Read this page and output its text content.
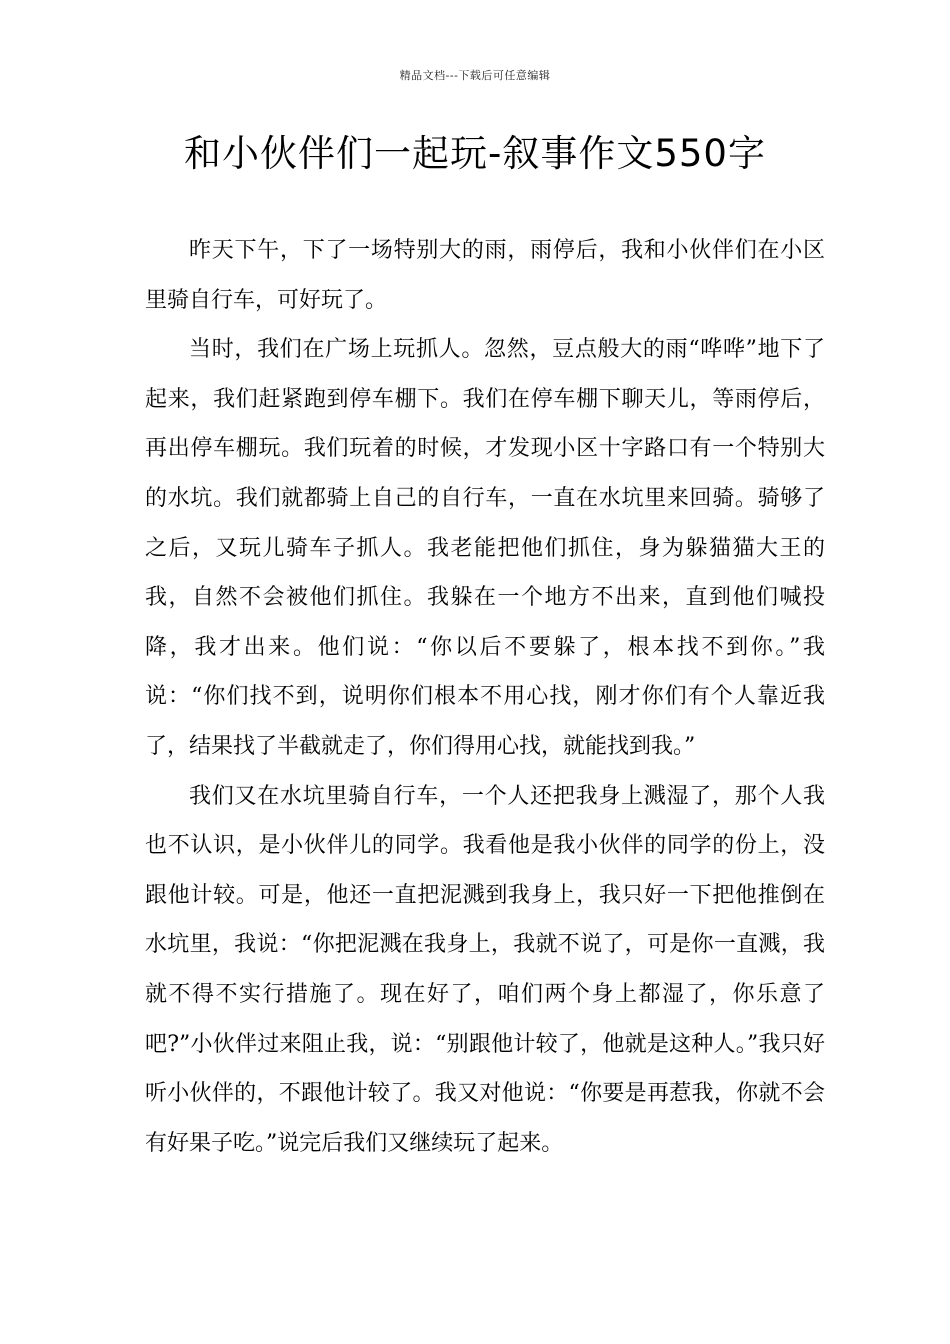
精品文档---下载后可任意编辑
和小伙伴们一起玩-叙事作文550字

昨天下午，下了一场特别大的雨，雨停后，我和小伙伴们在小区里骑自行车，可好玩了。

当时，我们在广场上玩抓人。忽然，豆点般大的雨“哗哗”地下了起来，我们赶紧跑到停车棚下。我们在停车棚下聊天儿，等雨停后，再出停车棚玩。我们玩着的时候，才发现小区十字路口有一个特别大的水坑。我们就都骑上自己的自行车，一直在水坑里来回骑。骑够了之后，又玩儿骑车子抓人。我老能把他们抓住，身为躲猫猫大王的我，自然不会被他们抓住。我躲在一个地方不出来，直到他们喊投降，我才出来。他们说：“你以后不要躲了，根本找不到你。”我说：“你们找不到，说明你们根本不用心找，刚才你们有个人靠近我了，结果找了半截就走了，你们得用心找，就能找到我。”

我们又在水坑里骑自行车，一个人还把我身上溅湿了，那个人我也不认识，是小伙伴儿的同学。我看他是我小伙伴的同学的份上，没跟他计较。可是，他还一直把泥溅到我身上，我只好一下把他推倒在水坑里，我说：“你把泥溅在我身上，我就不说了，可是你一直溅，我就不得不实行措施了。现在好了，咱们两个身上都湿了，你乐意了吧?”小伙伴过来阻止我，说：“别跟他计较了，他就是这种人。”我只好听小伙伴的，不跟他计较了。我又对他说：“你要是再惹我，你就不会有好果子吃。”说完后我们又继续玩了起来。
